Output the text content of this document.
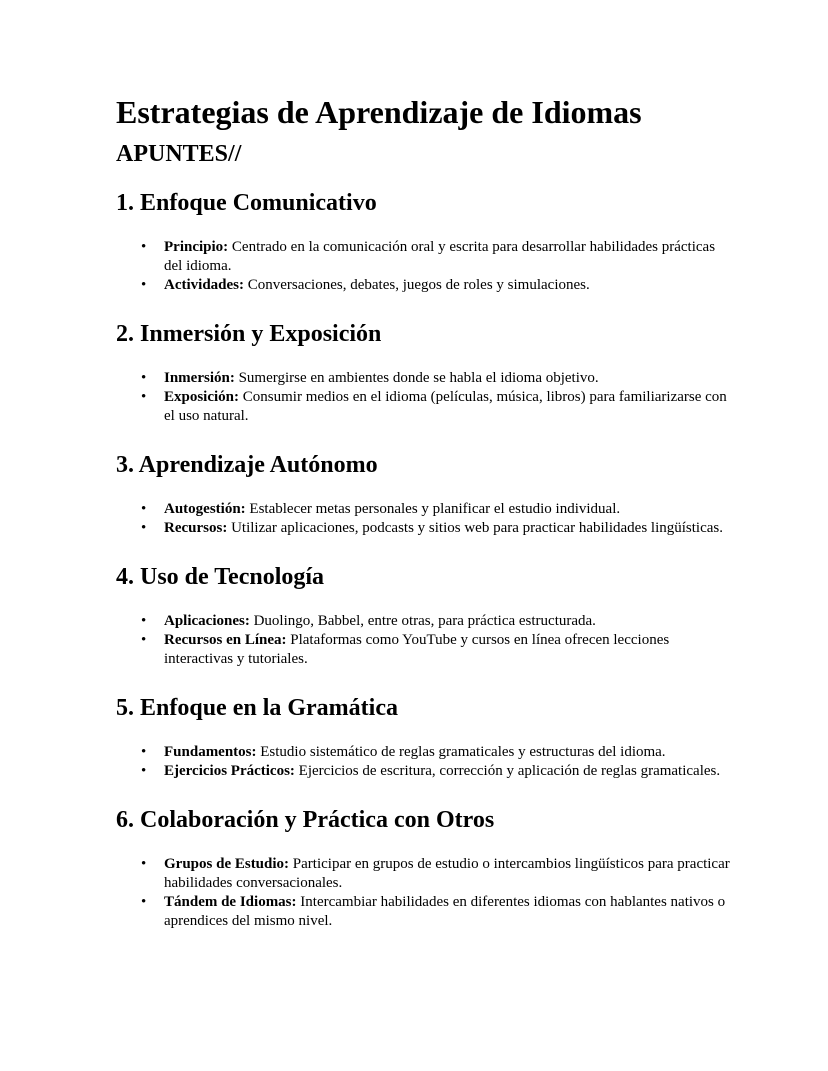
Estrategias de Aprendizaje de Idiomas
APUNTES//
1. Enfoque Comunicativo
• Principio: Centrado en la comunicación oral y escrita para desarrollar habilidades prácticas del idioma.
• Actividades: Conversaciones, debates, juegos de roles y simulaciones.
2. Inmersión y Exposición
• Inmersión: Sumergirse en ambientes donde se habla el idioma objetivo.
• Exposición: Consumir medios en el idioma (películas, música, libros) para familiarizarse con el uso natural.
3. Aprendizaje Autónomo
• Autogestión: Establecer metas personales y planificar el estudio individual.
• Recursos: Utilizar aplicaciones, podcasts y sitios web para practicar habilidades lingüísticas.
4. Uso de Tecnología
• Aplicaciones: Duolingo, Babbel, entre otras, para práctica estructurada.
• Recursos en Línea: Plataformas como YouTube y cursos en línea ofrecen lecciones interactivas y tutoriales.
5. Enfoque en la Gramática
• Fundamentos: Estudio sistemático de reglas gramaticales y estructuras del idioma.
• Ejercicios Prácticos: Ejercicios de escritura, corrección y aplicación de reglas gramaticales.
6. Colaboración y Práctica con Otros
• Grupos de Estudio: Participar en grupos de estudio o intercambios lingüísticos para practicar habilidades conversacionales.
• Tándem de Idiomas: Intercambiar habilidades en diferentes idiomas con hablantes nativos o aprendices del mismo nivel.
